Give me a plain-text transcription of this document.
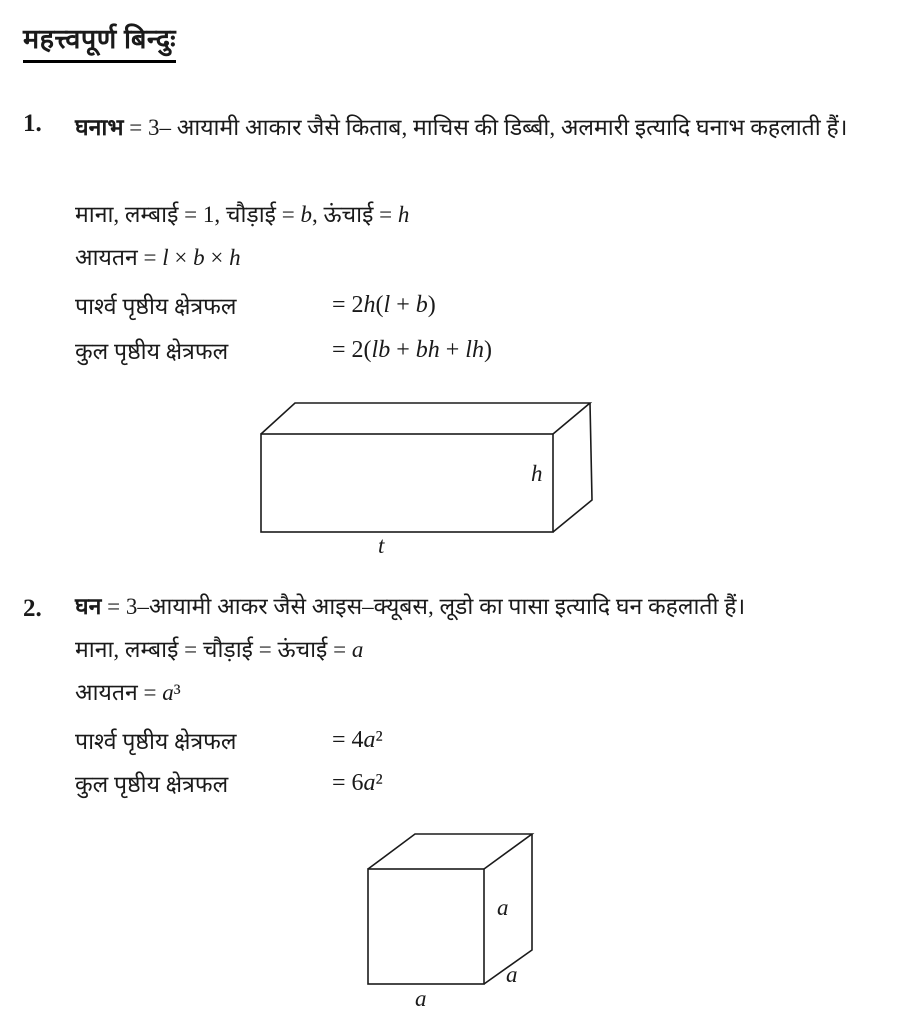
महत्त्वपूर्ण बिन्दुः
1. घनाभ = 3– आयामी आकार जैसे किताब, माचिस की डिब्बी, अलमारी इत्यादि घनाभ कहलाती हैं।
माना, लम्बाई = 1, चौड़ाई = b, ऊंचाई = h
आयतन = l × b × h
पार्श्व पृष्ठीय क्षेत्रफल	= 2h(l + b)
कुल पृष्ठीय क्षेत्रफल	= 2(lb + bh + lh)
h
t
2. घन = 3–आयामी आकर जैसे आइस–क्यूबस, लूडो का पासा इत्यादि घन कहलाती हैं।
माना, लम्बाई = चौड़ाई = ऊंचाई = a
आयतन = a³
पार्श्व पृष्ठीय क्षेत्रफल	= 4a²
कुल पृष्ठीय क्षेत्रफल	= 6a²
a
a
a
